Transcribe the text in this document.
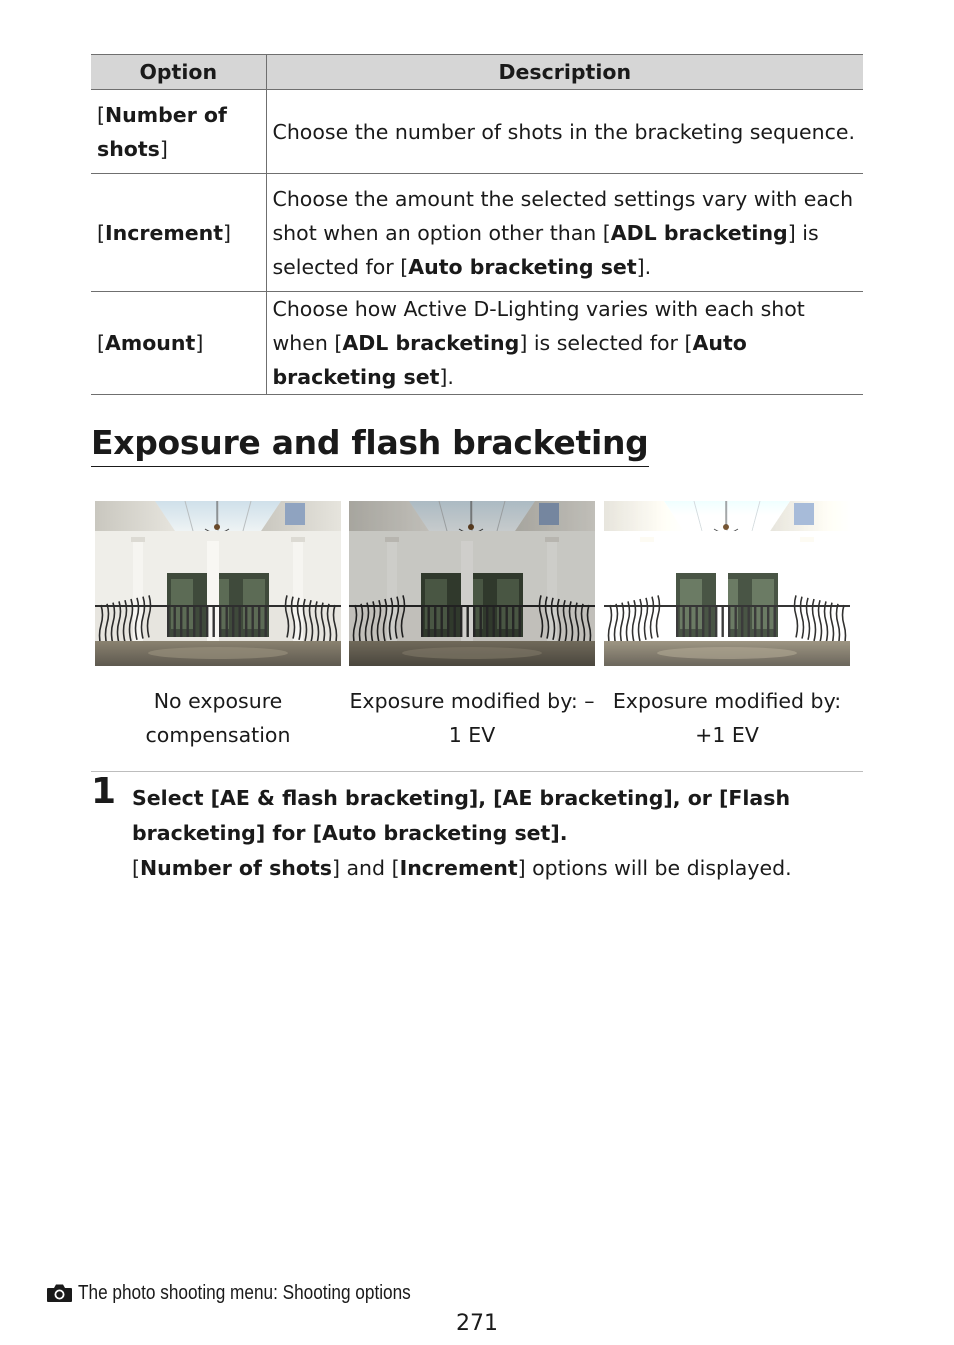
Option	Description
[Number of shots]	Choose the number of shots in the bracketing sequence.
[Increment]	Choose the amount the selected settings vary with each shot when an option other than [ADL bracketing] is selected for [Auto bracketing set].
[Amount]	Choose how Active D-Lighting varies with each shot when [ADL bracketing] is selected for [Auto bracketing set].
Exposure and flash bracketing
No exposure compensation
Exposure modified by: –1 EV
Exposure modified by: +1 EV
1 Select [AE & flash bracketing], [AE bracketing], or [Flash bracketing] for [Auto bracketing set].
[Number of shots] and [Increment] options will be displayed.
The photo shooting menu: Shooting options
271
